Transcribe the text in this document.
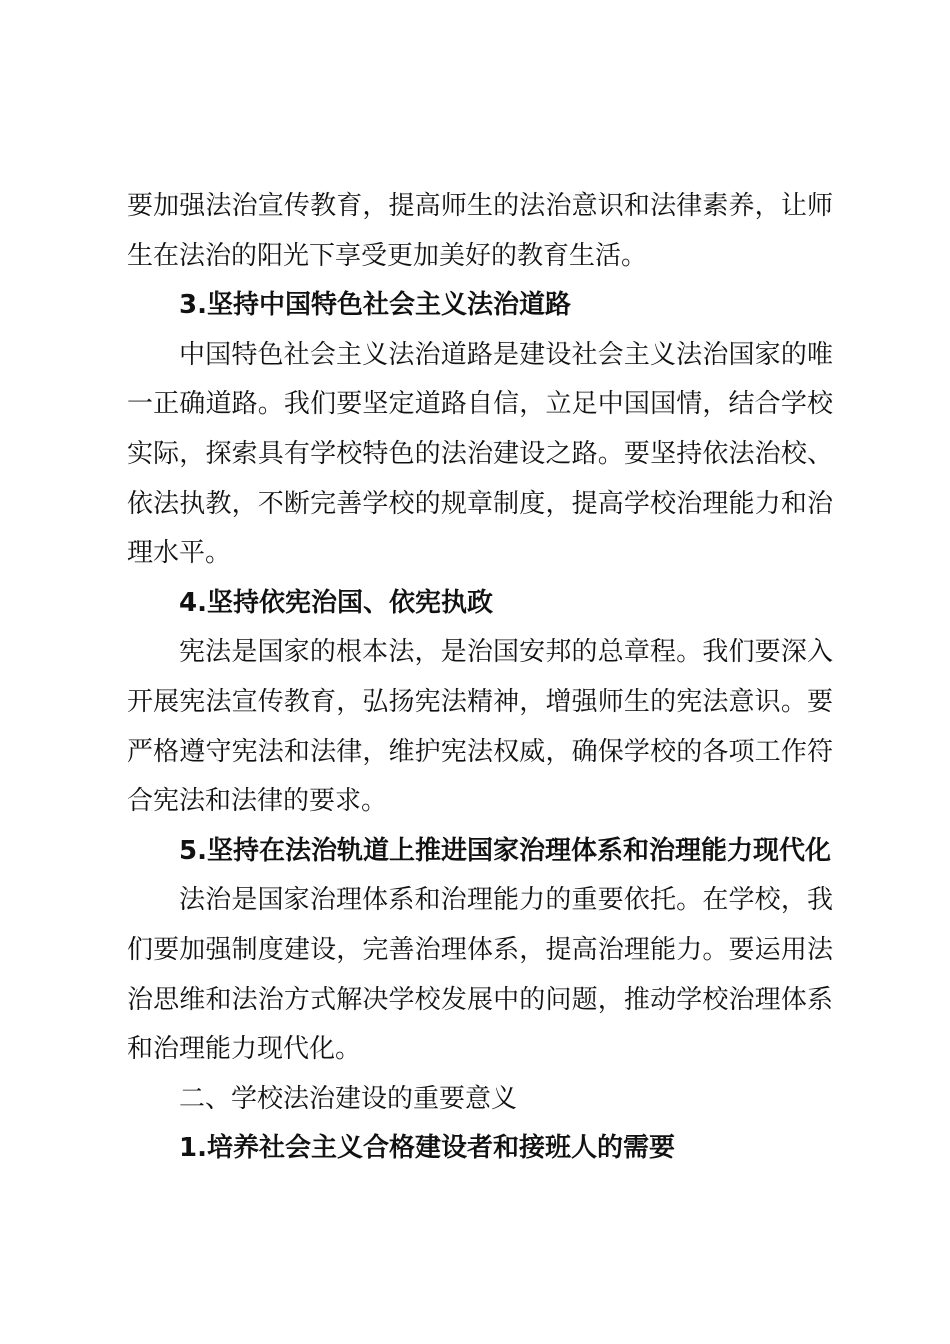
要加强法治宣传教育，提高师生的法治意识和法律素养，让师生在法治的阳光下享受更加美好的教育生活。

3.坚持中国特色社会主义法治道路

中国特色社会主义法治道路是建设社会主义法治国家的唯一正确道路。我们要坚定道路自信，立足中国国情，结合学校实际，探索具有学校特色的法治建设之路。要坚持依法治校、依法执教，不断完善学校的规章制度，提高学校治理能力和治理水平。

4.坚持依宪治国、依宪执政

宪法是国家的根本法，是治国安邦的总章程。我们要深入开展宪法宣传教育，弘扬宪法精神，增强师生的宪法意识。要严格遵守宪法和法律，维护宪法权威，确保学校的各项工作符合宪法和法律的要求。

5.坚持在法治轨道上推进国家治理体系和治理能力现代化

法治是国家治理体系和治理能力的重要依托。在学校，我们要加强制度建设，完善治理体系，提高治理能力。要运用法治思维和法治方式解决学校发展中的问题，推动学校治理体系和治理能力现代化。

二、学校法治建设的重要意义

1.培养社会主义合格建设者和接班人的需要
